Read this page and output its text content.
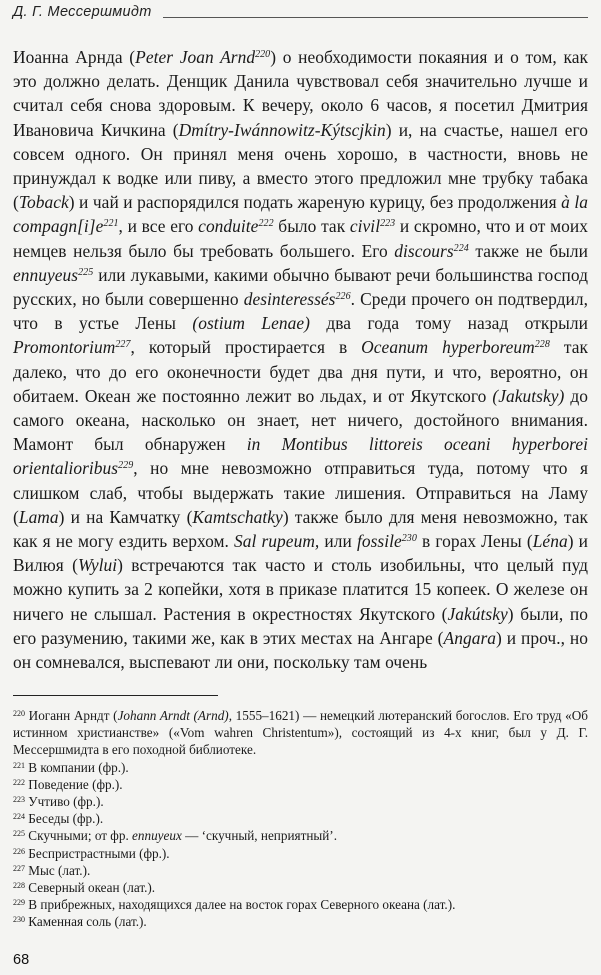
Д. Г. Мессершмидт
Иоанна Арндa (Peter Joan Arnd$^{220}$) о необходимости покаяния и о том, как это должно делать. Денщик Данила чувствовал себя значительно лучше и считал себя снова здоровым. К вечеру, около 6 часов, я посетил Дмитрия Ивановича Кичкина (Dmítry-Iwánnowitz-Kýtscjkin) и, на счастье, нашел его совсем одного. Он принял меня очень хорошо, в частности, вновь не принуждал к водке или пиву, а вместо этого предложил мне трубку табака (Toback) и чай и распорядился подать жареную курицу, без продолжения à la $compagn[i]e^{221}$, и все его conduite$^{222}$ было так civil$^{223}$ и скромно, что и от моих немцев нельзя было бы требовать большего. Его discours$^{224}$ также не были ennuyeus$^{225}$ или лукавыми, какими обычно бывают речи большинства господ русских, но были совершенно desinteressés$^{226}$. Среди прочего он подтвердил, что в устье Лены (ostium Lenae) два года тому назад открыли Promontorium$^{227}$, который простирается в Oceanum hyperboreum$^{228}$ так далеко, что до его оконечности будет два дня пути, и что, вероятно, он обитаем. Океан же постоянно лежит во льдах, и от Якутского (Jakutsky) до самого океана, насколько он знает, нет ничего, достойного внимания. Мамонт был обнаружен in Montibus littoreis oceani hyperborei orientalioribus$^{229}$, но мне невозможно отправиться туда, потому что я слишком слаб, чтобы выдержать такие лишения. Отправиться на Ламу (Lama) и на Камчатку (Kamtschatky) также было для меня невозможно, так как я не могу ездить верхом. Sal rupeum, или fossile$^{230}$ в горах Лены (Léna) и Вилюя (Wylui) встречаются так часто и столь изобильны, что целый пуд можно купить за 2 копейки, хотя в приказе платится 15 копеек. О железе он ничего не слышал. Растения в окрестностях Якутского (Jakútsky) были, по его разумению, такими же, как в этих местах на Ангаре (Angara) и проч., но он сомневался, выспевают ли они, поскольку там очень

$^{220}$ Иоганн Арндт (Johann Arndt (Arnd), 1555–1621) — немецкий лютеранский богослов. Его труд «Об истинном христианстве» («Vom wahren Christentum»), состоящий из 4-х книг, был у Д. Г. Мессершмидта в его походной библиотеке.

$^{221}$ В компании (фр.).

$^{222}$ Поведение (фр.).

$^{223}$ Учтиво (фр.).

$^{224}$ Беседы (фр.).

$^{225}$ Скучными; от фр. ennuyeux — ‘скучный, неприятный’.

$^{226}$ Беспристрастными (фр.).

$^{227}$ Мыс (лат.).

$^{228}$ Северный океан (лат.).

$^{229}$ В прибрежных, находящихся далее на восток горах Северного океана (лат.).

$^{230}$ Каменная соль (лат.).

68
